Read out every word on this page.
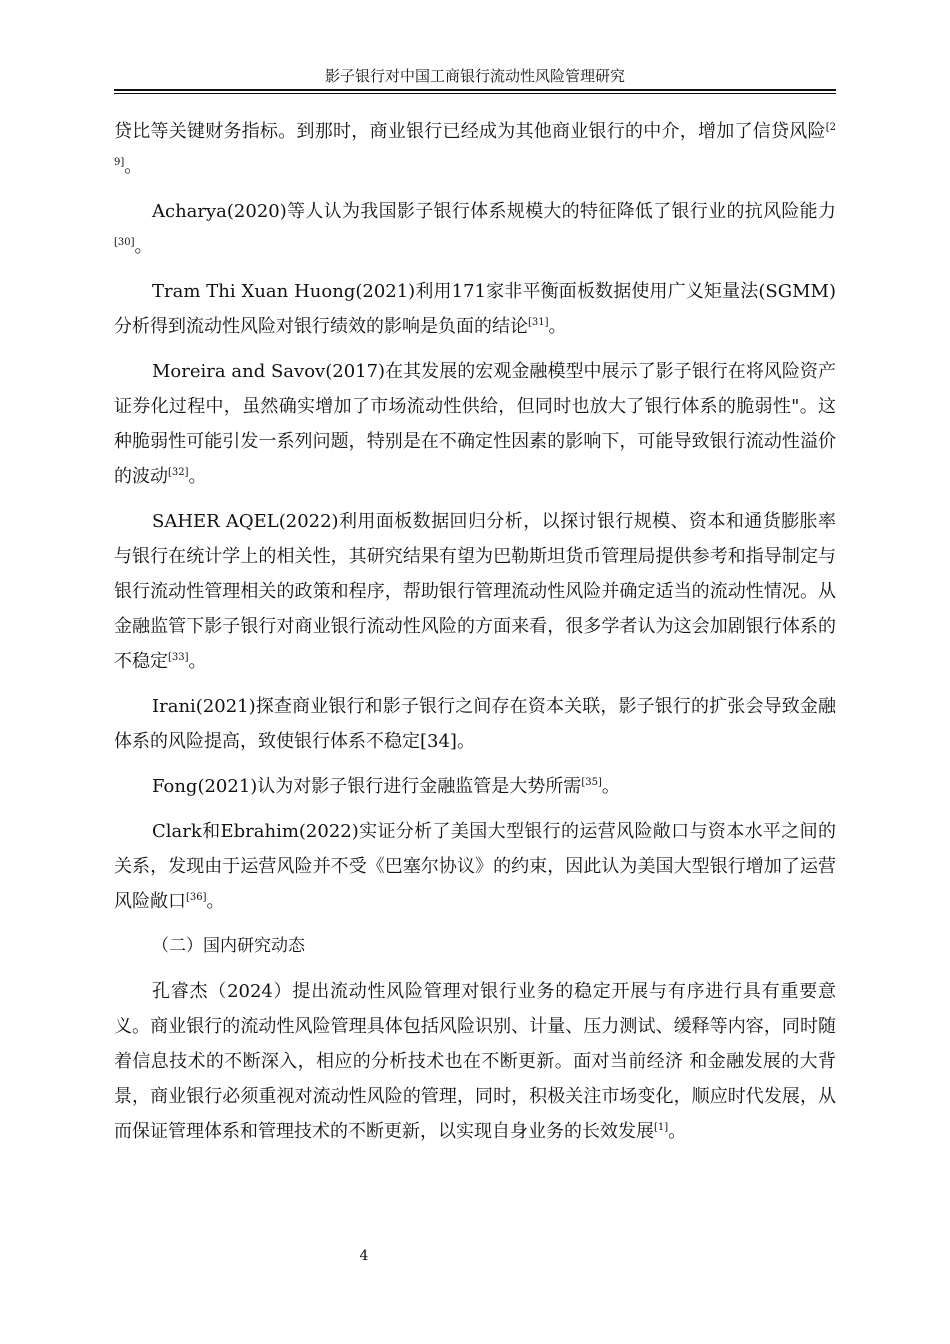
影子银行对中国工商银行流动性风险管理研究

贷比等关键财务指标。到那时，商业银行已经成为其他商业银行的中介，增加了信贷风险[29]。

Acharya(2020)等人认为我国影子银行体系规模大的特征降低了银行业的抗风险能力[30]。

Tram Thi Xuan Huong(2021)利用171家非平衡面板数据使用广义矩量法(SGMM)分析得到流动性风险对银行绩效的影响是负面的结论[31]。

Moreira and Savov(2017)在其发展的宏观金融模型中展示了影子银行在将风险资产证券化过程中，虽然确实增加了市场流动性供给，但同时也放大了银行体系的脆弱性"。这种脆弱性可能引发一系列问题，特别是在不确定性因素的影响下，可能导致银行流动性溢价的波动[32]。

SAHER AQEL(2022)利用面板数据回归分析，以探讨银行规模、资本和通货膨胀率与银行在统计学上的相关性，其研究结果有望为巴勒斯坦货币管理局提供参考和指导制定与银行流动性管理相关的政策和程序，帮助银行管理流动性风险并确定适当的流动性情况。从金融监管下影子银行对商业银行流动性风险的方面来看，很多学者认为这会加剧银行体系的不稳定[33]。

Irani(2021)探查商业银行和影子银行之间存在资本关联，影子银行的扩张会导致金融体系的风险提高，致使银行体系不稳定[34]。

Fong(2021)认为对影子银行进行金融监管是大势所需[35]。

Clark和Ebrahim(2022)实证分析了美国大型银行的运营风险敞口与资本水平之间的关系，发现由于运营风险并不受《巴塞尔协议》的约束，因此认为美国大型银行增加了运营风险敞口[36]。

（二）国内研究动态

孔睿杰（2024）提出流动性风险管理对银行业务的稳定开展与有序进行具有重要意义。商业银行的流动性风险管理具体包括风险识别、计量、压力测试、缓释等内容，同时随着信息技术的不断深入，相应的分析技术也在不断更新。面对当前经济 和金融发展的大背景，商业银行必须重视对流动性风险的管理，同时，积极关注市场变化，顺应时代发展，从而保证管理体系和管理技术的不断更新，以实现自身业务的长效发展[1]。

4
